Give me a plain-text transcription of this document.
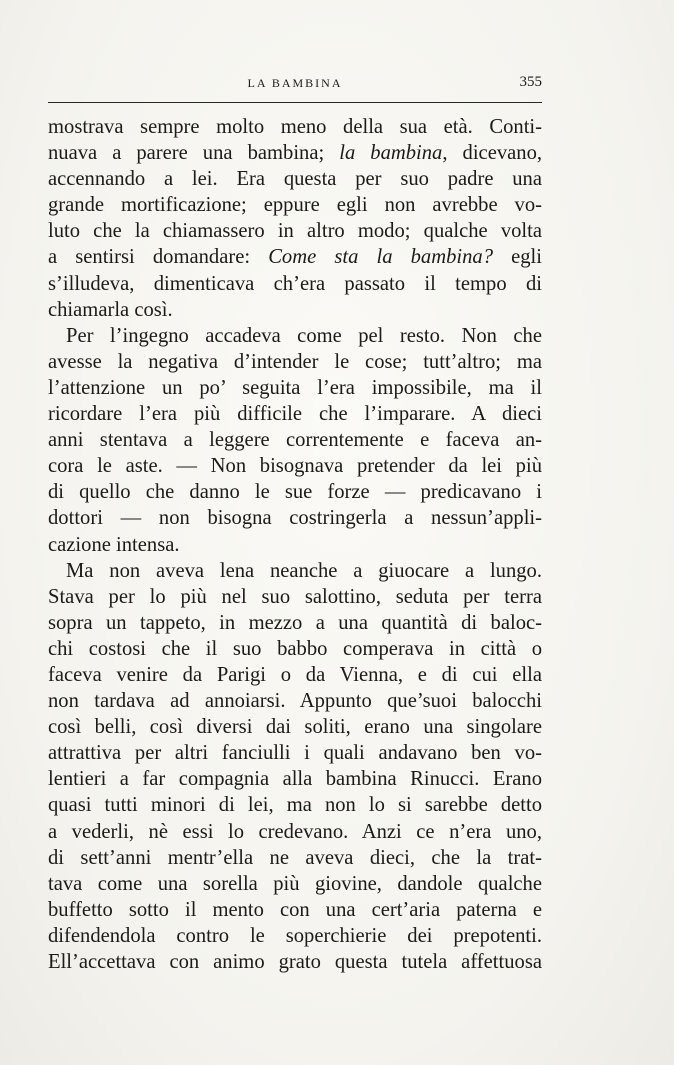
LA BAMBINA	355
mostrava sempre molto meno della sua età. Conti-
nuava a parere una bambina; la bambina, dicevano,
accennando a lei. Era questa per suo padre una
grande mortificazione; eppure egli non avrebbe vo-
luto che la chiamassero in altro modo; qualche volta
a sentirsi domandare: Come sta la bambina? egli
s’illudeva, dimenticava ch’era passato il tempo di
chiamarla così.
Per l’ingegno accadeva come pel resto. Non che
avesse la negativa d’intender le cose; tutt’altro; ma
l’attenzione un po’ seguita l’era impossibile, ma il
ricordare l’era più difficile che l’imparare. A dieci
anni stentava a leggere correntemente e faceva an-
cora le aste. — Non bisognava pretender da lei più
di quello che danno le sue forze — predicavano i
dottori — non bisogna costringerla a nessun’appli-
cazione intensa.
Ma non aveva lena neanche a giuocare a lungo.
Stava per lo più nel suo salottino, seduta per terra
sopra un tappeto, in mezzo a una quantità di baloc-
chi costosi che il suo babbo comperava in città o
faceva venire da Parigi o da Vienna, e di cui ella
non tardava ad annoiarsi. Appunto que’suoi balocchi
così belli, così diversi dai soliti, erano una singolare
attrattiva per altri fanciulli i quali andavano ben vo-
lentieri a far compagnia alla bambina Rinucci. Erano
quasi tutti minori di lei, ma non lo si sarebbe detto
a vederli, nè essi lo credevano. Anzi ce n’era uno,
di sett’anni mentr’ella ne aveva dieci, che la trat-
tava come una sorella più giovine, dandole qualche
buffetto sotto il mento con una cert’aria paterna e
difendendola contro le soperchierie dei prepotenti.
Ell’accettava con animo grato questa tutela affettuosa
